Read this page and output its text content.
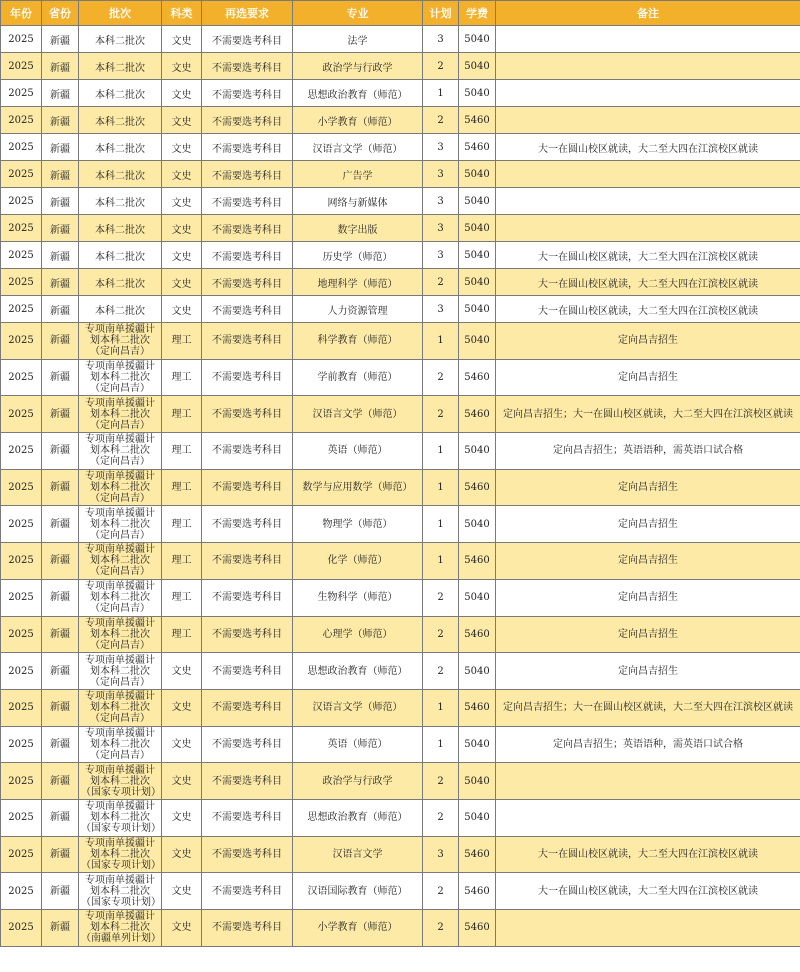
年份	省份	批次	科类	再选要求	专业	计划	学费	备注
2025	新疆	本科二批次	文史	不需要选考科目	法学	3	5040	
2025	新疆	本科二批次	文史	不需要选考科目	政治学与行政学	2	5040	
2025	新疆	本科二批次	文史	不需要选考科目	思想政治教育（师范）	1	5040	
2025	新疆	本科二批次	文史	不需要选考科目	小学教育（师范）	2	5460	
2025	新疆	本科二批次	文史	不需要选考科目	汉语言文学（师范）	3	5460	大一在圆山校区就读，大二至大四在江滨校区就读
2025	新疆	本科二批次	文史	不需要选考科目	广告学	3	5040	
2025	新疆	本科二批次	文史	不需要选考科目	网络与新媒体	3	5040	
2025	新疆	本科二批次	文史	不需要选考科目	数字出版	3	5040	
2025	新疆	本科二批次	文史	不需要选考科目	历史学（师范）	3	5040	大一在圆山校区就读，大二至大四在江滨校区就读
2025	新疆	本科二批次	文史	不需要选考科目	地理科学（师范）	2	5040	大一在圆山校区就读，大二至大四在江滨校区就读
2025	新疆	本科二批次	文史	不需要选考科目	人力资源管理	3	5040	大一在圆山校区就读，大二至大四在江滨校区就读
2025	新疆	专项南单援疆计划本科二批次（定向昌吉）	理工	不需要选考科目	科学教育（师范）	1	5040	定向昌吉招生
2025	新疆	专项南单援疆计划本科二批次（定向昌吉）	理工	不需要选考科目	学前教育（师范）	2	5460	定向昌吉招生
2025	新疆	专项南单援疆计划本科二批次（定向昌吉）	理工	不需要选考科目	汉语言文学（师范）	2	5460	定向昌吉招生；大一在圆山校区就读，大二至大四在江滨校区就读
2025	新疆	专项南单援疆计划本科二批次（定向昌吉）	理工	不需要选考科目	英语（师范）	1	5040	定向昌吉招生；英语语种，需英语口试合格
2025	新疆	专项南单援疆计划本科二批次（定向昌吉）	理工	不需要选考科目	数学与应用数学（师范）	1	5460	定向昌吉招生
2025	新疆	专项南单援疆计划本科二批次（定向昌吉）	理工	不需要选考科目	物理学（师范）	1	5040	定向昌吉招生
2025	新疆	专项南单援疆计划本科二批次（定向昌吉）	理工	不需要选考科目	化学（师范）	1	5460	定向昌吉招生
2025	新疆	专项南单援疆计划本科二批次（定向昌吉）	理工	不需要选考科目	生物科学（师范）	2	5040	定向昌吉招生
2025	新疆	专项南单援疆计划本科二批次（定向昌吉）	理工	不需要选考科目	心理学（师范）	2	5460	定向昌吉招生
2025	新疆	专项南单援疆计划本科二批次（定向昌吉）	文史	不需要选考科目	思想政治教育（师范）	2	5040	定向昌吉招生
2025	新疆	专项南单援疆计划本科二批次（定向昌吉）	文史	不需要选考科目	汉语言文学（师范）	1	5460	定向昌吉招生；大一在圆山校区就读，大二至大四在江滨校区就读
2025	新疆	专项南单援疆计划本科二批次（定向昌吉）	文史	不需要选考科目	英语（师范）	1	5040	定向昌吉招生；英语语种，需英语口试合格
2025	新疆	专项南单援疆计划本科二批次（国家专项计划）	文史	不需要选考科目	政治学与行政学	2	5040	
2025	新疆	专项南单援疆计划本科二批次（国家专项计划）	文史	不需要选考科目	思想政治教育（师范）	2	5040	
2025	新疆	专项南单援疆计划本科二批次（国家专项计划）	文史	不需要选考科目	汉语言文学	3	5460	大一在圆山校区就读，大二至大四在江滨校区就读
2025	新疆	专项南单援疆计划本科二批次（国家专项计划）	文史	不需要选考科目	汉语国际教育（师范）	2	5460	大一在圆山校区就读，大二至大四在江滨校区就读
2025	新疆	专项南单援疆计划本科二批次（南疆单列计划）	文史	不需要选考科目	小学教育（师范）	2	5460	
